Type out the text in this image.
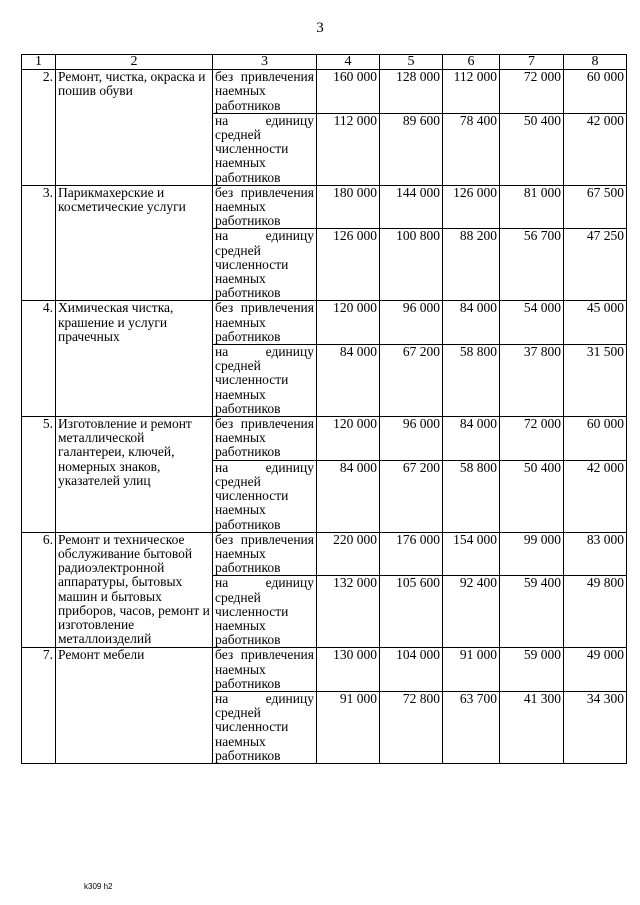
3
1	2	3	4	5	6	7	8
2.	Ремонт, чистка, окраска и пошив обуви	без привлечения наемных работников	160 000	128 000	112 000	72 000	60 000
		на единицу средней численности наемных работников	112 000	89 600	78 400	50 400	42 000
3.	Парикмахерские и косметические услуги	без привлечения наемных работников	180 000	144 000	126 000	81 000	67 500
		на единицу средней численности наемных работников	126 000	100 800	88 200	56 700	47 250
4.	Химическая чистка, крашение и услуги прачечных	без привлечения наемных работников	120 000	96 000	84 000	54 000	45 000
		на единицу средней численности наемных работников	84 000	67 200	58 800	37 800	31 500
5.	Изготовление и ремонт металлической галантереи, ключей, номерных знаков, указателей улиц	без привлечения наемных работников	120 000	96 000	84 000	72 000	60 000
		на единицу средней численности наемных работников	84 000	67 200	58 800	50 400	42 000
6.	Ремонт и техническое обслуживание бытовой радиоэлектронной аппаратуры, бытовых машин и бытовых приборов, часов, ремонт и изготовление металлоизделий	без привлечения наемных работников	220 000	176 000	154 000	99 000	83 000
		на единицу средней численности наемных работников	132 000	105 600	92 400	59 400	49 800
7.	Ремонт мебели	без привлечения наемных работников	130 000	104 000	91 000	59 000	49 000
		на единицу средней численности наемных работников	91 000	72 800	63 700	41 300	34 300
k309 h2
